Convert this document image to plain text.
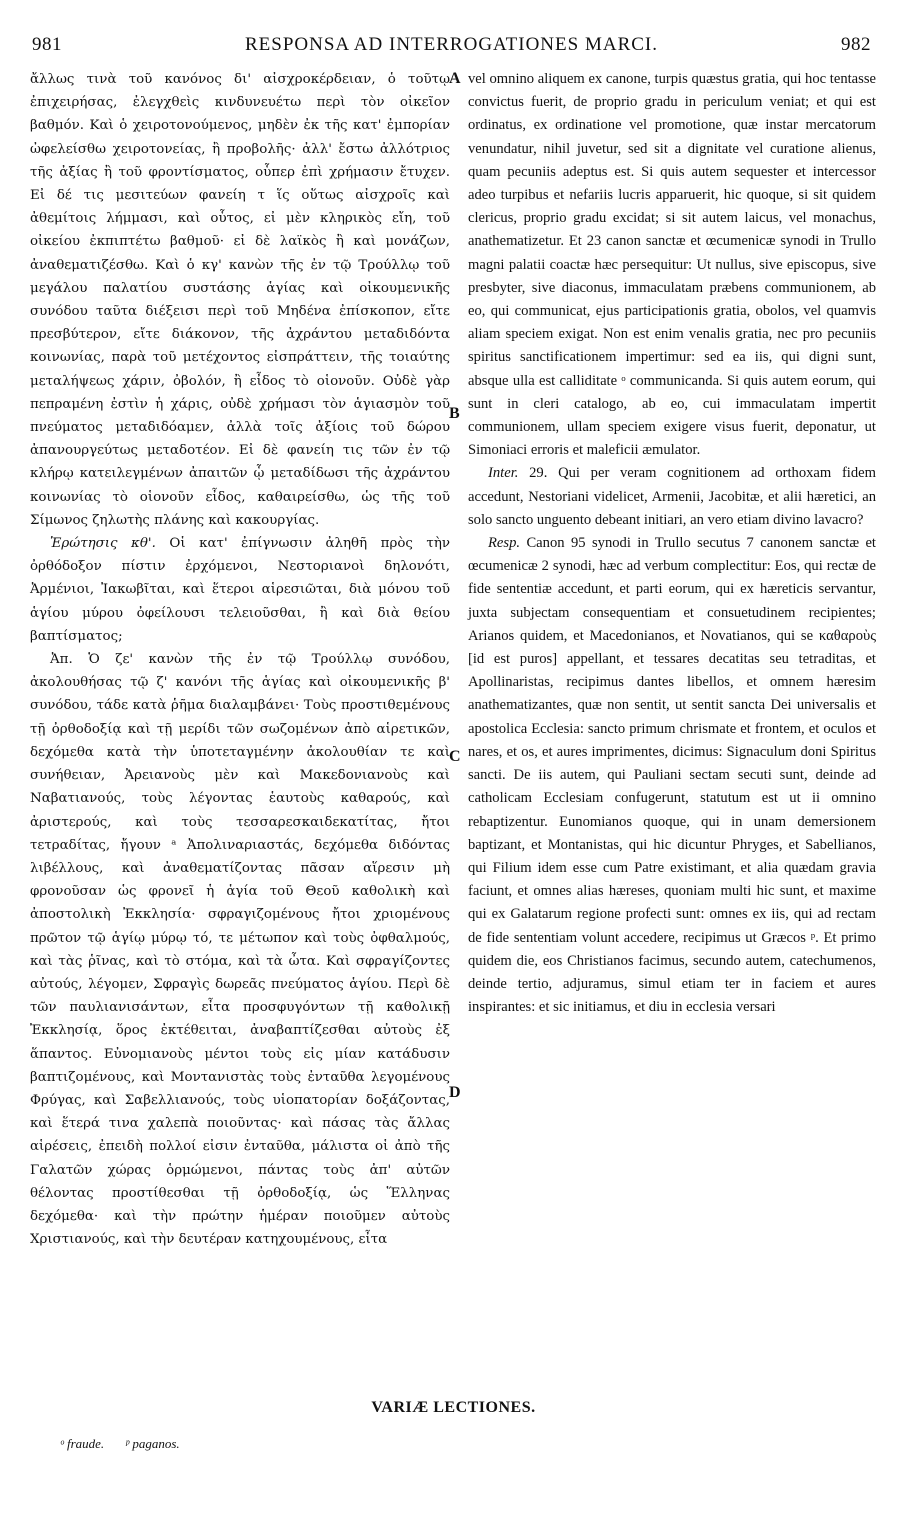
981	RESPONSA AD INTERROGATIONES MARCI.	982

ἄλλως τινὰ τοῦ κανόνος δι' αἰσχροκέρδειαν, ὁ τοῦτῳ ἐπιχειρήσας, ἐλεγχθεὶς κινδυνευέτω περὶ τὸν οἰκεῖον βαθμόν. Καὶ ὁ χειροτονούμενος, μηδὲν ἐκ τῆς κατ' ἐμπορίαν ὠφελείσθω χειροτονείας, ἢ προβολῆς· ἀλλ' ἔστω ἀλλότριος τῆς ἀξίας ἢ τοῦ φροντίσματος, οὗπερ ἐπὶ χρήμασιν ἔτυχεν. Εἰ δέ τις μεσιτεύων φανείη τ ἵς οὕτως αἰσχροῖς καὶ ἀθεμίτοις λήμμασι, καὶ οὗτος, εἰ μὲν κληρικὸς εἴη, τοῦ οἰκείου ἐκπιπτέτω βαθμοῦ· εἰ δὲ λαϊκὸς ἢ καὶ μονάζων, ἀναθεματιζέσθω. Καὶ ὁ κγ' κανὼν τῆς ἐν τῷ Τρούλλῳ τοῦ μεγάλου παλατίου συστάσης ἁγίας καὶ οἰκουμενικῆς συνόδου ταῦτα διέξεισι περὶ τοῦ Μηδένα ἐπίσκοπον, εἴτε πρεσβύτερον, εἴτε διάκονον, τῆς ἀχράντου μεταδιδόντα κοινωνίας, παρὰ τοῦ μετέχοντος εἰσπράττειν, τῆς τοιαύτης μεταλήψεως χάριν, ὀβολόν, ἢ εἶδος τὸ οἱονοῦν. Οὐδὲ γὰρ πεπραμένη ἐστὶν ἡ χάρις, οὐδὲ χρήμασι τὸν ἁγιασμὸν τοῦ πνεύματος μεταδιδόαμεν, ἀλλὰ τοῖς ἀξίοις τοῦ δώρου ἀπανουργεύτως μεταδοτέον. Εἰ δὲ φανείη τις τῶν ἐν τῷ κλήρῳ κατειλεγμένων ἀπαιτῶν ᾧ μεταδίδωσι τῆς ἀχράντου κοινωνίας τὸ οἱονοῦν εἶδος, καθαιρείσθω, ὡς τῆς τοῦ Σίμωνος ζηλωτὴς πλάνης καὶ κακουργίας.

Ἐρώτησις κθ'. Οἱ κατ' ἐπίγνωσιν ἀληθῆ πρὸς τὴν ὀρθόδοξον πίστιν ἐρχόμενοι, Νεστοριανοὶ δηλονότι, Ἀρμένιοι, Ἰακωβῖται, καὶ ἕτεροι αἱρεσιῶται, διὰ μόνου τοῦ ἁγίου μύρου ὀφείλουσι τελειοῦσθαι, ἢ καὶ διὰ θείου βαπτίσματος;

Ἀπ. Ὁ ζε' κανὼν τῆς ἐν τῷ Τρούλλῳ συνόδου, ἀκολουθήσας τῷ ζ' κανόνι τῆς ἁγίας καὶ οἰκουμενικῆς β' συνόδου, τάδε κατὰ ῥῆμα διαλαμβάνει· Τοὺς προστιθεμένους τῇ ὀρθοδοξίᾳ καὶ τῇ μερίδι τῶν σωζομένων ἀπὸ αἱρετικῶν, δεχόμεθα κατὰ τὴν ὑποτεταγμένην ἀκολουθίαν τε καὶ συνήθειαν, Ἀρειανοὺς μὲν καὶ Μακεδονιανοὺς καὶ Ναβατιανούς, τοὺς λέγοντας ἑαυτοὺς καθαρούς, καὶ ἀριστερούς, καὶ τοὺς τεσσαρεσκαιδεκατίτας, ἤτοι τετραδίτας, ἤγουν ᵃ Ἀπολιναριαστάς, δεχόμεθα διδόντας λιβέλλους, καὶ ἀναθεματίζοντας πᾶσαν αἵρεσιν μὴ φρονοῦσαν ὡς φρονεῖ ἡ ἁγία τοῦ Θεοῦ καθολικὴ καὶ ἀποστολικὴ Ἐκκλησία· σφραγιζομένους ἤτοι χριομένους πρῶτον τῷ ἁγίῳ μύρῳ τό, τε μέτωπον καὶ τοὺς ὀφθαλμούς, καὶ τὰς ῥῖνας, καὶ τὸ στόμα, καὶ τὰ ὦτα. Καὶ σφραγίζοντες αὐτούς, λέγομεν, Σφραγὶς δωρεᾶς πνεύματος ἁγίου. Περὶ δὲ τῶν παυλιανισάντων, εἶτα προσφυγόντων τῇ καθολικῇ Ἐκκλησίᾳ, ὅρος ἐκτέθειται, ἀναβαπτίζεσθαι αὐτοὺς ἐξ ἅπαντος. Εὐνομιανοὺς μέντοι τοὺς εἰς μίαν κατάδυσιν βαπτιζομένους, καὶ Μοντανιστὰς τοὺς ἐνταῦθα λεγομένους Φρύγας, καὶ Σαβελλιανούς, τοὺς υἱοπατορίαν δοξάζοντας, καὶ ἕτερά τινα χαλεπὰ ποιοῦντας· καὶ πάσας τὰς ἄλλας αἱρέσεις, ἐπειδὴ πολλοί εἰσιν ἐνταῦθα, μάλιστα οἱ ἀπὸ τῆς Γαλατῶν χώρας ὁρμώμενοι, πάντας τοὺς ἀπ' αὐτῶν θέλοντας προστίθεσθαι τῇ ὀρθοδοξίᾳ, ὡς Ἕλληνας δεχόμεθα· καὶ τὴν πρώτην ἡμέραν ποιοῦμεν αὐτοὺς Χριστιανούς, καὶ τὴν δευτέραν κατηχουμένους, εἶτα

A
B
C
D

vel omnino aliquem ex canone, turpis quæstus gratia, qui hoc tentasse convictus fuerit, de proprio gradu in periculum veniat; et qui est ordinatus, ex ordinatione vel promotione, quæ instar mercatorum venundatur, nihil juvetur, sed sit a dignitate vel curatione alienus, quam pecuniis adeptus est. Si quis autem sequester et intercessor adeo turpibus et nefariis lucris apparuerit, hic quoque, si sit quidem clericus, proprio gradu excidat; si sit autem laicus, vel monachus, anathematizetur. Et 23 canon sanctæ et œcumenicæ synodi in Trullo magni palatii coactæ hæc persequitur: Ut nullus, sive episcopus, sive presbyter, sive diaconus, immaculatam præbens communionem, ab eo, qui communicat, ejus participationis gratia, obolos, vel quamvis aliam speciem exigat. Non est enim venalis gratia, nec pro pecuniis spiritus sanctificationem impertimur: sed ea iis, qui digni sunt, absque ulla est calliditate ᵒ communicanda. Si quis autem eorum, qui sunt in cleri catalogo, ab eo, cui immaculatam impertit communionem, ullam speciem exigere visus fuerit, deponatur, ut Simoniaci erroris et maleficii æmulator.

Inter. 29. Qui per veram cognitionem ad orthoxam fidem accedunt, Nestoriani videlicet, Armenii, Jacobitæ, et alii hæretici, an solo sancto unguento debeant initiari, an vero etiam divino lavacro?

Resp. Canon 95 synodi in Trullo secutus 7 canonem sanctæ et œcumenicæ 2 synodi, hæc ad verbum complectitur: Eos, qui rectæ de fide sententiæ accedunt, et parti eorum, qui ex hæreticis servantur, juxta subjectam consequentiam et consuetudinem recipientes; Arianos quidem, et Macedonianos, et Novatianos, qui se καθαροὺς [id est puros] appellant, et tessares decatitas seu tetraditas, et Apollinaristas, recipimus dantes libellos, et omnem hæresim anathematizantes, quæ non sentit, ut sentit sancta Dei universalis et apostolica Ecclesia: sancto primum chrismate et frontem, et oculos et nares, et os, et aures imprimentes, dicimus: Signaculum doni Spiritus sancti. De iis autem, qui Pauliani sectam secuti sunt, deinde ad catholicam Ecclesiam confugerunt, statutum est ut ii omnino rebaptizentur. Eunomianos quoque, qui in unam demersionem baptizant, et Montanistas, qui hic dicuntur Phryges, et Sabellianos, qui Filium idem esse cum Patre existimant, et alia quædam gravia faciunt, et omnes alias hæreses, quoniam multi hic sunt, et maxime qui ex Galatarum regione profecti sunt: omnes ex iis, qui ad rectam de fide sententiam volunt accedere, recipimus ut Græcos ᵖ. Et primo quidem die, eos Christianos facimus, secundo autem, catechumenos, deinde tertio, adjuramus, simul etiam ter in faciem et aures inspirantes: et sic initiamus, et diu in ecclesia versari

VARIÆ LECTIONES.
ᵒ fraude. ᵖ paganos.
